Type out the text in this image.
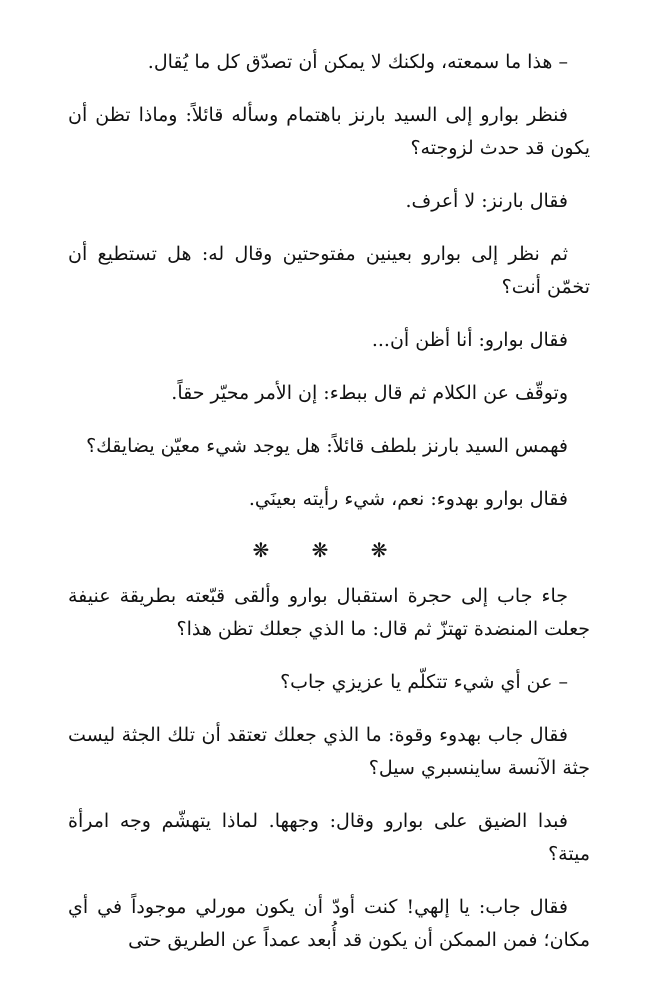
– هذا ما سمعته، ولكنك لا يمكن أن تصدّق كل ما يُقال.

فنظر بوارو إلى السيد بارنز باهتمام وسأله قائلاً: وماذا تظن أن يكون قد حدث لزوجته؟

فقال بارنز: لا أعرف.

ثم نظر إلى بوارو بعينين مفتوحتين وقال له: هل تستطيع أن تخمّن أنت؟

فقال بوارو: أنا أظن أن...

وتوقّف عن الكلام ثم قال ببطء: إن الأمر محيّر حقاً.

فهمس السيد بارنز بلطف قائلاً: هل يوجد شيء معيّن يضايقك؟

فقال بوارو بهدوء: نعم، شيء رأيته بعينَي.

❋ ❋ ❋

جاء جاب إلى حجرة استقبال بوارو وألقى قبّعته بطريقة عنيفة جعلت المنضدة تهتزّ ثم قال: ما الذي جعلك تظن هذا؟

– عن أي شيء تتكلّم يا عزيزي جاب؟

فقال جاب بهدوء وقوة: ما الذي جعلك تعتقد أن تلك الجثة ليست جثة الآنسة ساينسبري سيل؟

فبدا الضيق على بوارو وقال: وجهها. لماذا يتهشّم وجه امرأة ميتة؟

فقال جاب: يا إلهي! كنت أودّ أن يكون مورلي موجوداً في أي مكان؛ فمن الممكن أن يكون قد أُبعد عمداً عن الطريق حتى
